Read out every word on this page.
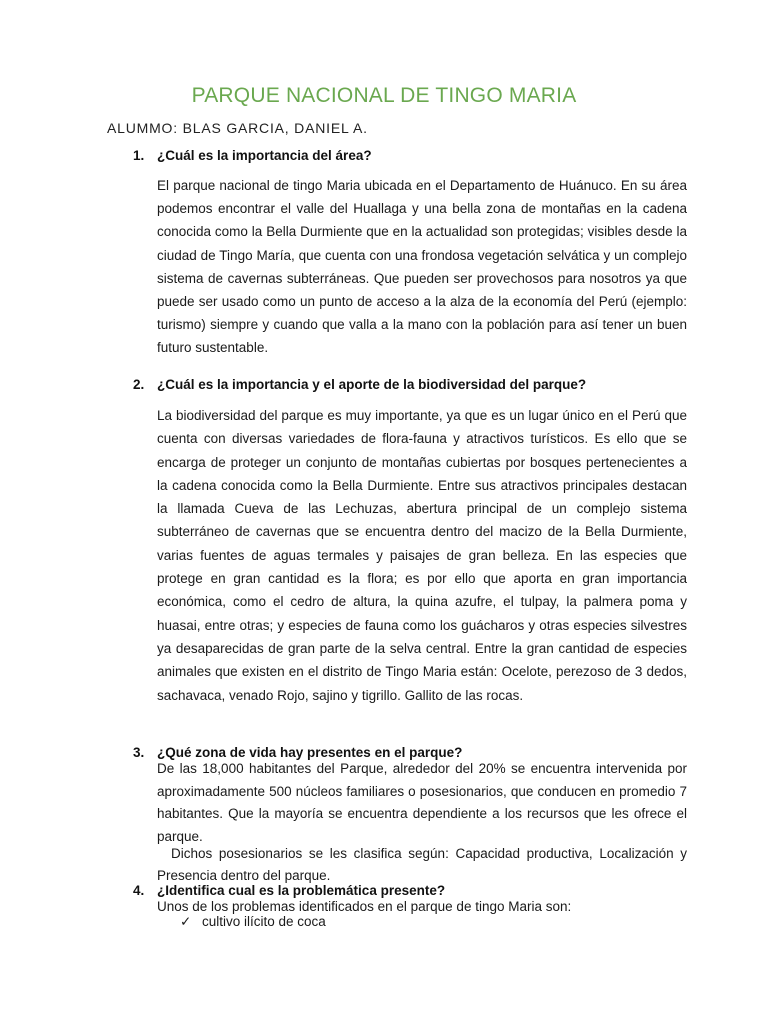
PARQUE NACIONAL DE TINGO MARIA
ALUMMO: BLAS GARCIA, DANIEL A.
1. ¿Cuál es la importancia del área?

El parque nacional de tingo Maria ubicada en el Departamento de Huánuco. En su área podemos encontrar el valle del Huallaga y una bella zona de montañas en la cadena conocida como la Bella Durmiente que en la actualidad son protegidas; visibles desde la ciudad de Tingo María, que cuenta con una frondosa vegetación selvática y un complejo sistema de cavernas subterráneas. Que pueden ser provechosos para nosotros ya que puede ser usado como un punto de acceso a la alza de la economía del Perú (ejemplo: turismo) siempre y cuando que valla a la mano con la población para así tener un buen futuro sustentable.

2. ¿Cuál es la importancia y el aporte de la biodiversidad del parque?

La biodiversidad del parque es muy importante, ya que es un lugar único en el Perú que cuenta con diversas variedades de flora-fauna y atractivos turísticos. Es ello que se encarga de proteger un conjunto de montañas cubiertas por bosques pertenecientes a la cadena conocida como la Bella Durmiente. Entre sus atractivos principales destacan la llamada Cueva de las Lechuzas, abertura principal de un complejo sistema subterráneo de cavernas que se encuentra dentro del macizo de la Bella Durmiente, varias fuentes de aguas termales y paisajes de gran belleza. En las especies que protege en gran cantidad es la flora; es por ello que aporta en gran importancia económica, como el cedro de altura, la quina azufre, el tulpay, la palmera poma y huasai, entre otras; y especies de fauna como los guácharos y otras especies silvestres ya desaparecidas de gran parte de la selva central. Entre la gran cantidad de especies animales que existen en el distrito de Tingo Maria están: Ocelote, perezoso de 3 dedos, sachavaca, venado Rojo, sajino y tigrillo. Gallito de las rocas.

3. ¿Qué zona de vida hay presentes en el parque?

De las 18,000 habitantes del Parque, alrededor del 20% se encuentra intervenida por aproximadamente 500 núcleos familiares o posesionarios, que conducen en promedio 7 habitantes. Que la mayoría se encuentra dependiente a los recursos que les ofrece el parque.

Dichos posesionarios se les clasifica según: Capacidad productiva, Localización y Presencia dentro del parque.

4. ¿Identifica cual es la problemática presente?

Unos de los problemas identificados en el parque de tingo Maria son:

✓ cultivo ilícito de coca
